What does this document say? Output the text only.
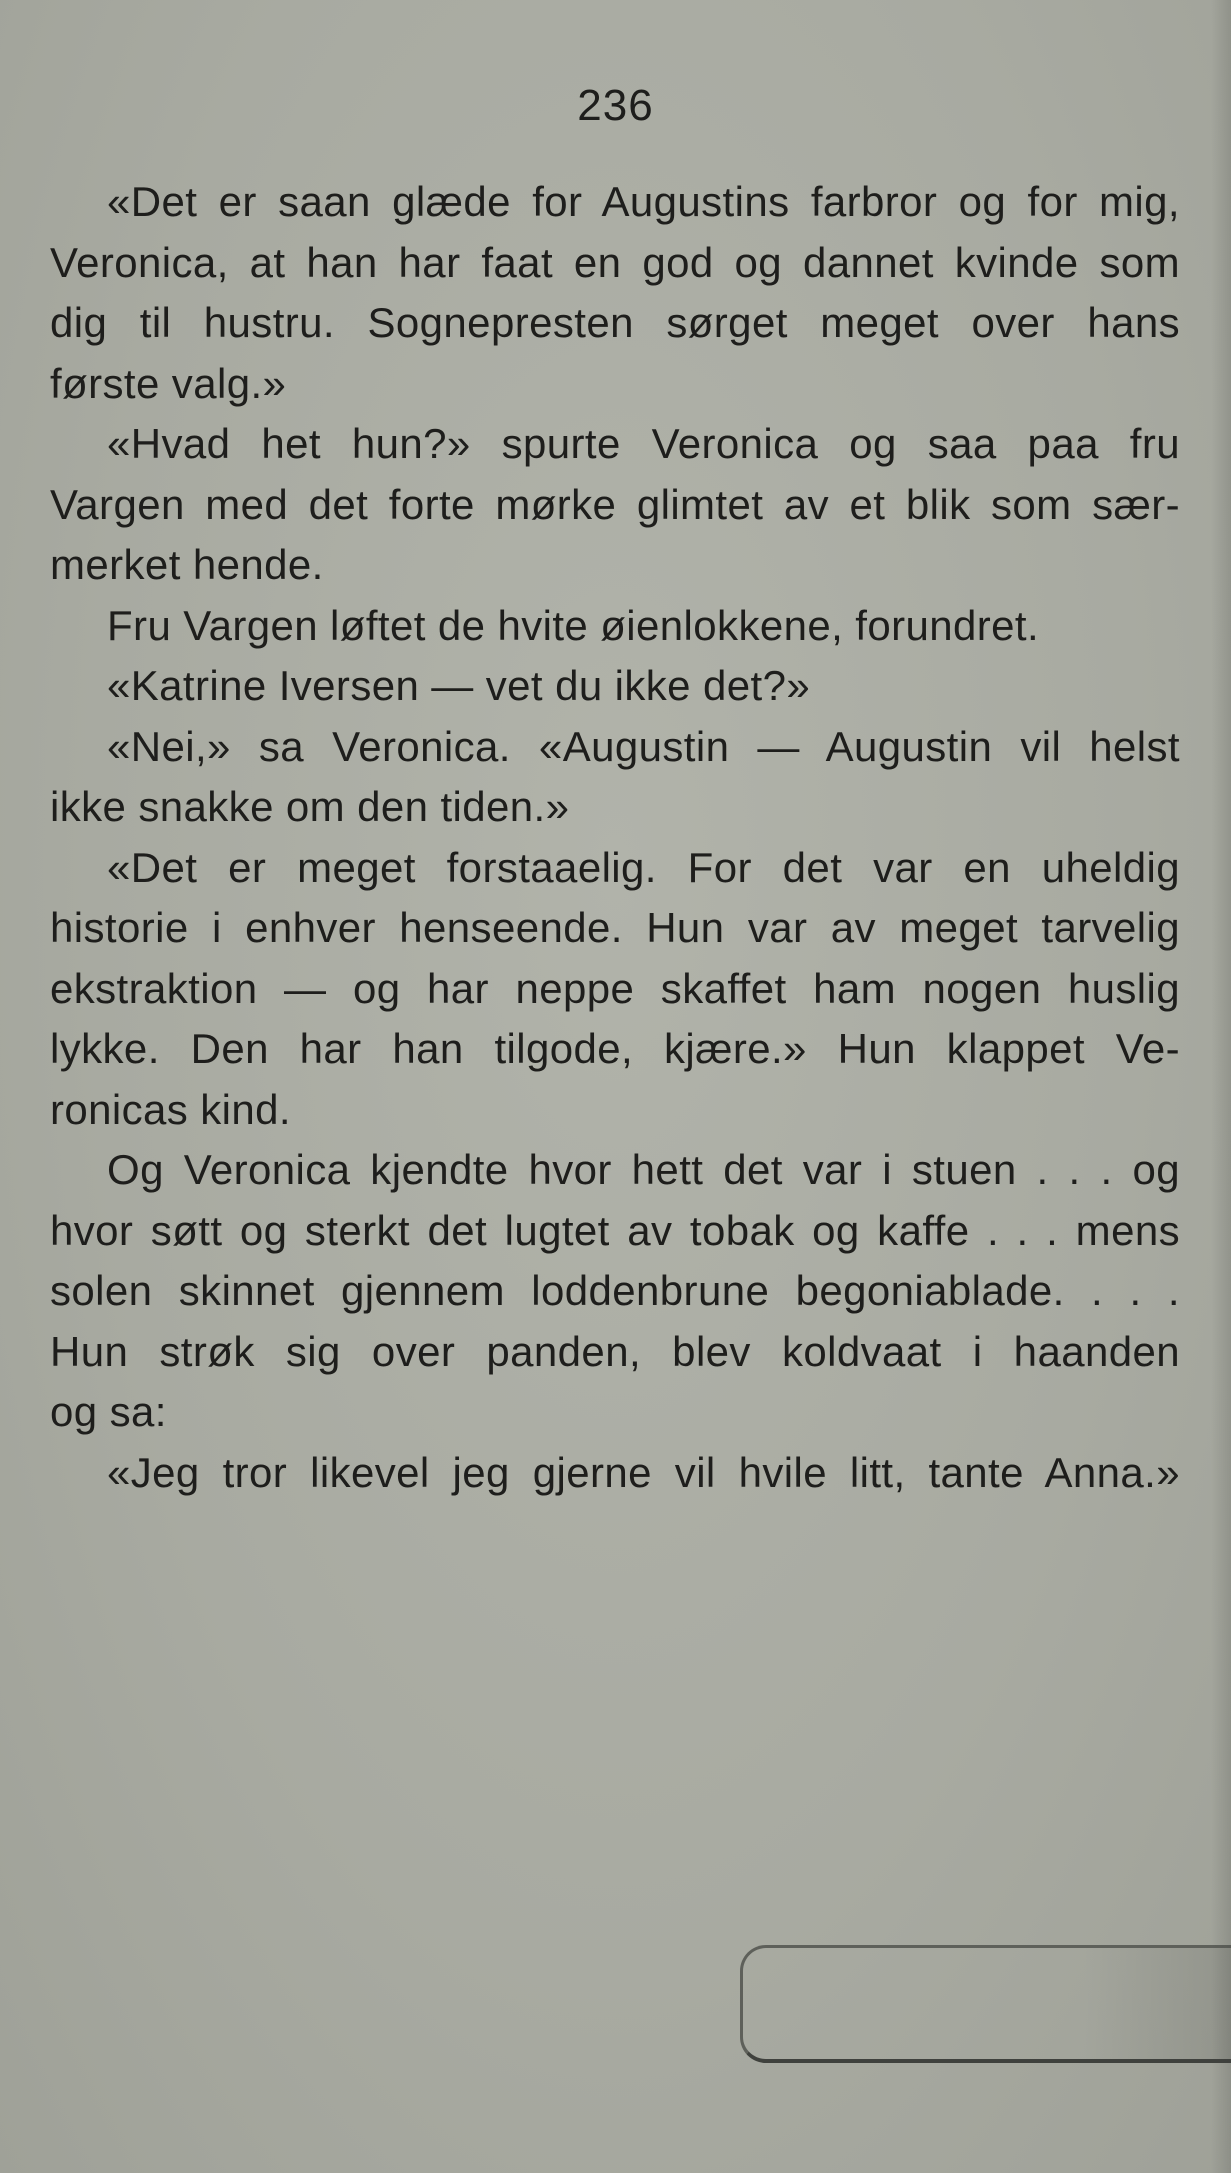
236
«Det er saan glæde for Augustins farbror og for mig,
Veronica, at han har faat en god og dannet kvinde som
dig til hustru. Sognepresten sørget meget over hans
første valg.»
«Hvad het hun?» spurte Veronica og saa paa fru
Vargen med det forte mørke glimtet av et blik som sær-
merket hende.
Fru Vargen løftet de hvite øienlokkene, forundret.
«Katrine Iversen — vet du ikke det?»
«Nei,» sa Veronica. «Augustin — Augustin vil helst
ikke snakke om den tiden.»
«Det er meget forstaaelig. For det var en uheldig
historie i enhver henseende. Hun var av meget tarvelig
ekstraktion — og har neppe skaffet ham nogen huslig
lykke. Den har han tilgode, kjære.» Hun klappet Ve-
ronicas kind.
Og Veronica kjendte hvor hett det var i stuen . . . og
hvor søtt og sterkt det lugtet av tobak og kaffe . . . mens
solen skinnet gjennem loddenbrune begoniablade. . . .
Hun strøk sig over panden, blev koldvaat i haanden
og sa:
«Jeg tror likevel jeg gjerne vil hvile litt, tante Anna.»
